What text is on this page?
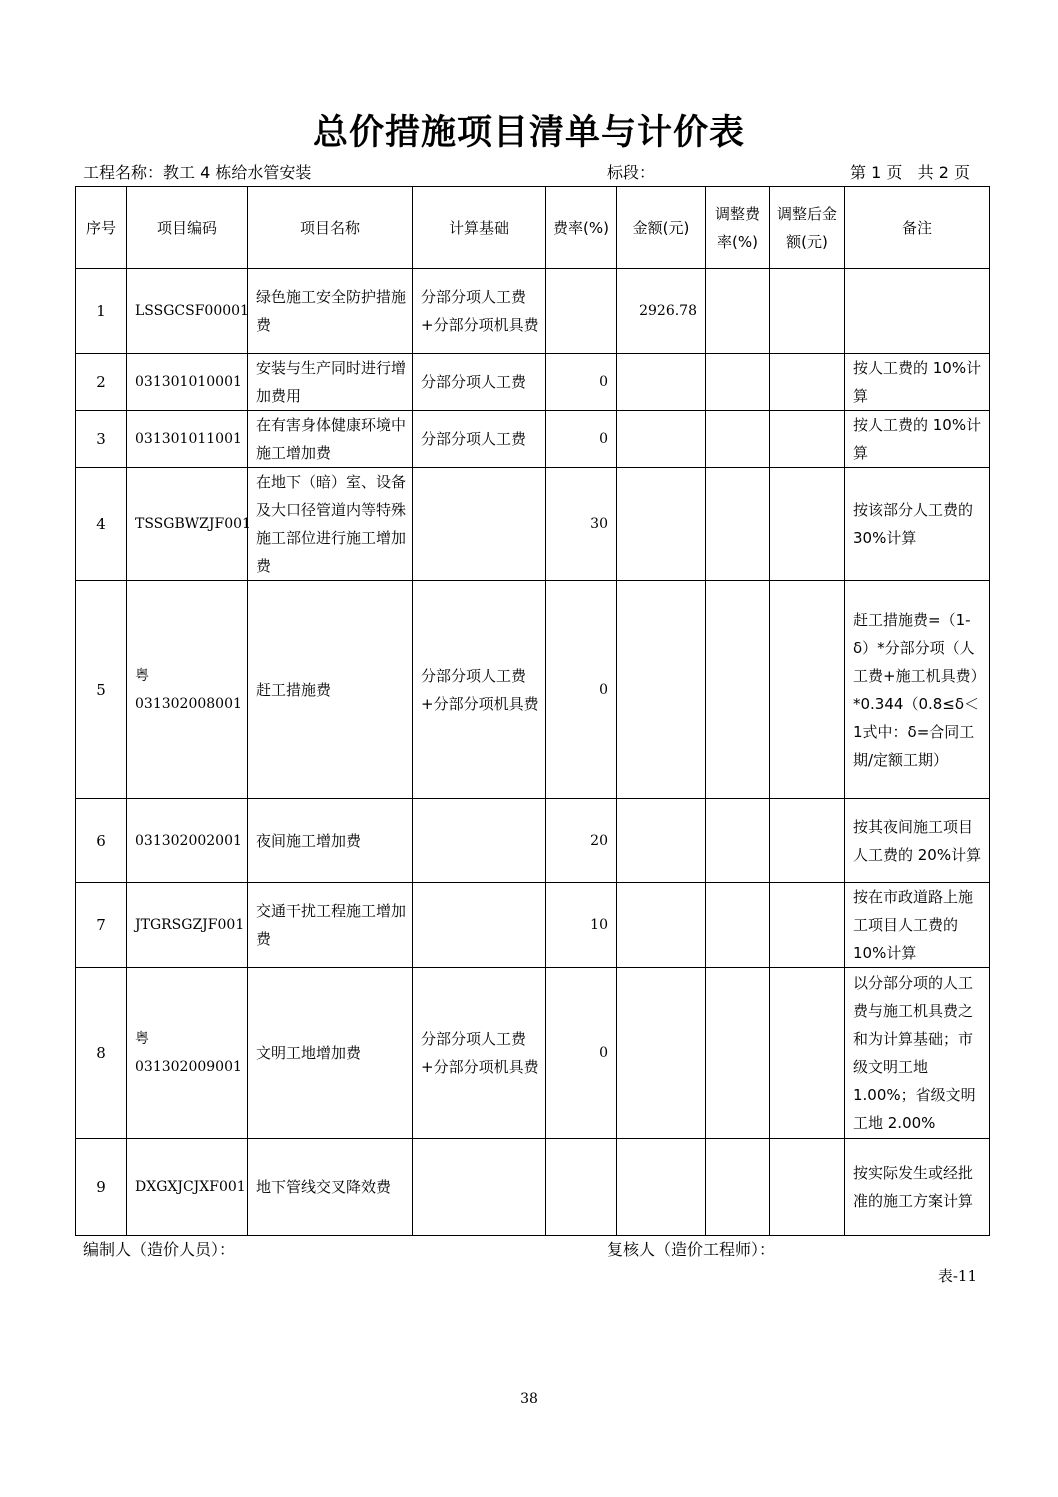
总价措施项目清单与计价表
工程名称：教工 4 栋给水管安装	标段：	第 1 页   共 2 页
序号	项目编码	项目名称	计算基础	费率(%)	金额(元)	调整费率(%)	调整后金额(元)	备注
1	LSSGCSF00001	绿色施工安全防护措施费	分部分项人工费+分部分项机具费		2926.78			
2	031301010001	安装与生产同时进行增加费用	分部分项人工费	0				按人工费的 10%计算
3	031301011001	在有害身体健康环境中施工增加费	分部分项人工费	0				按人工费的 10%计算
4	TSSGBWZJF001	在地下（暗）室、设备及大口径管道内等特殊施工部位进行施工增加费		30				按该部分人工费的 30%计算
5	粤031302008001	赶工措施费	分部分项人工费+分部分项机具费	0				赶工措施费=（1-δ）*分部分项（人工费+施工机具费）*0.344（0.8≤δ＜1式中：δ=合同工期/定额工期）
6	031302002001	夜间施工增加费		20				按其夜间施工项目人工费的 20%计算
7	JTGRSGZJF001	交通干扰工程施工增加费		10				按在市政道路上施工项目人工费的 10%计算
8	粤031302009001	文明工地增加费	分部分项人工费+分部分项机具费	0				以分部分项的人工费与施工机具费之和为计算基础；市级文明工地 1.00%；省级文明工地 2.00%
9	DXGXJCJXF001	地下管线交叉降效费						按实际发生或经批准的施工方案计算
编制人（造价人员）：	复核人（造价工程师）：
表-11
38
